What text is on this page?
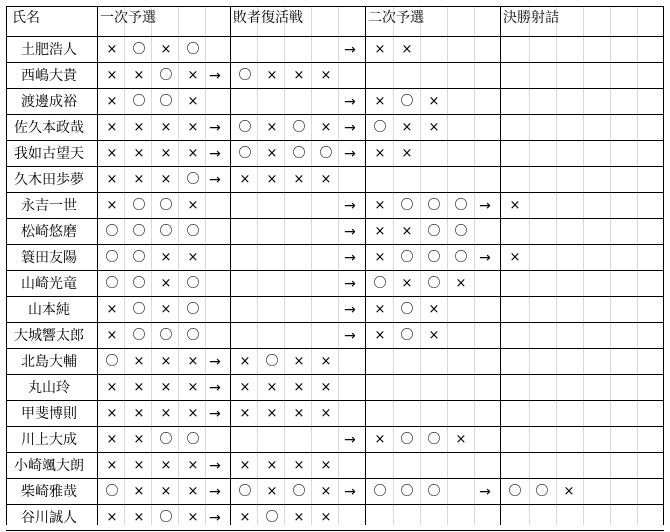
氏名	一次予選	敗者復活戦	二次予選	決勝射詰
土肥浩人	×	〇	×	〇	→	×	×
西嶋大貴	×	×	〇	× →	〇	×	×	×
渡邊成裕	×	〇	〇	×	→	×	〇	×
佐久本政哉	×	×	×	× →	〇	×	〇	× →	〇	×	×
我如古望天	×	×	×	× →	〇	×	〇	〇 →	×	×
久木田歩夢	×	×	×	〇 →	×	×	×	×
永吉一世	×	〇	〇	×	→	×	〇	〇	〇 →	×
松崎悠磨	〇	〇	〇	〇	→	×	×	〇	〇
簑田友陽	〇	〇	×	×	→	×	〇	〇	〇 →	×
山崎光竜	〇	〇	×	〇	→	〇	×	〇	×
山本純	×	〇	×	〇	→	×	〇	×
大城響太郎	×	〇	〇	〇	→	×	〇	×
北島大輔	〇	×	×	× →	×	〇	×	×
丸山玲	×	×	×	× →	×	×	×	×
甲斐博則	×	×	×	× →	×	×	×	×
川上大成	×	×	〇	〇	→	×	〇	〇	×
小崎颯大朗	×	×	×	× →	×	×	×	×
柴崎雅哉	〇	×	×	× →	〇	×	〇	× →	〇	〇	〇	→	〇	〇	×
谷川誠人	×	×	〇	× →	×	〇	×	×
